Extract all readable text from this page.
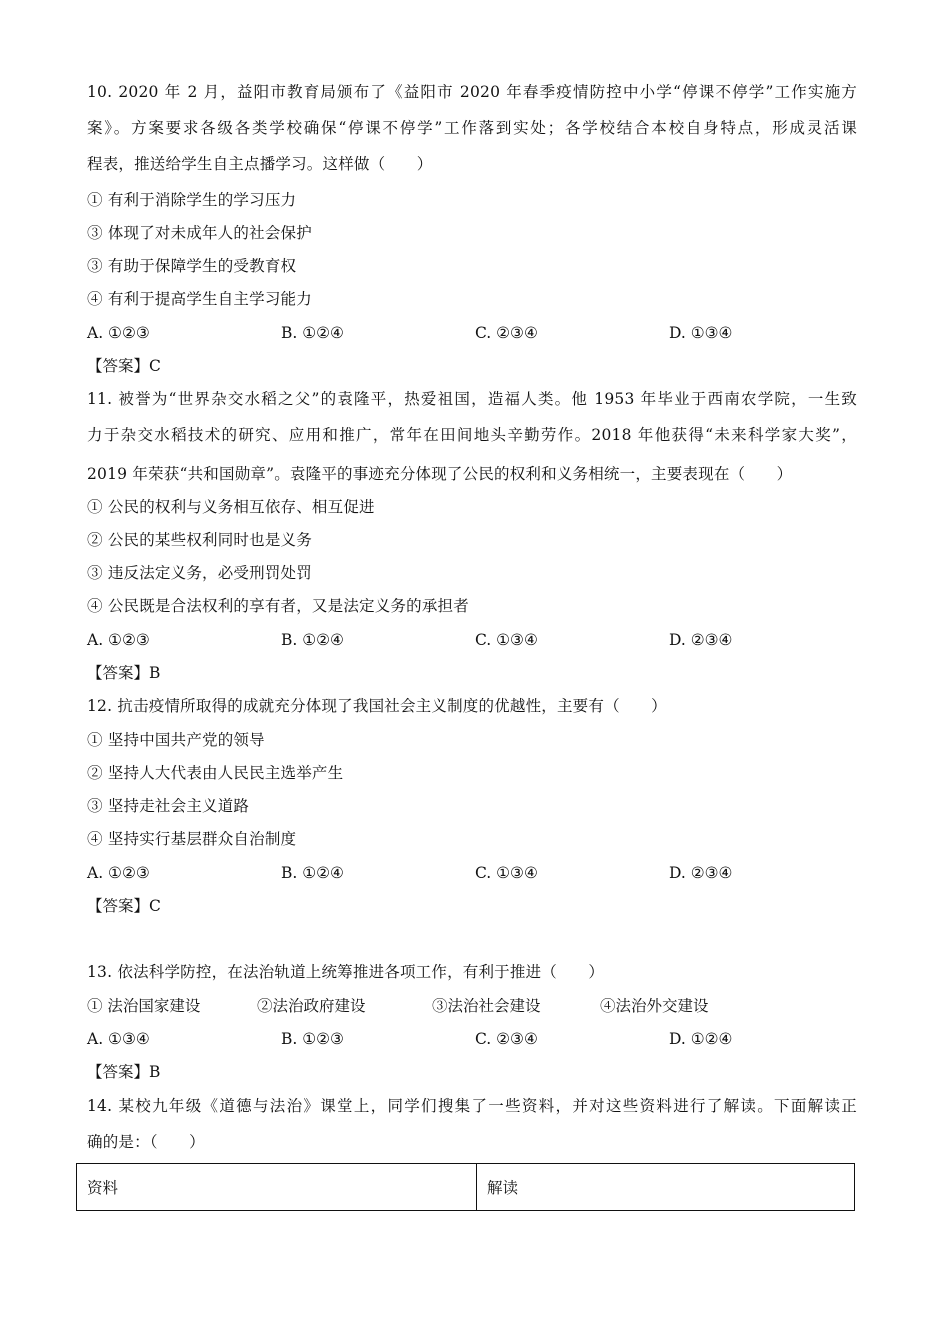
10. 2020 年 2 月，益阳市教育局颁布了《益阳市 2020 年春季疫情防控中小学“停课不停学”工作实施方
案》。方案要求各级各类学校确保“停课不停学”工作落到实处；各学校结合本校自身特点，形成灵活课
程表，推送给学生自主点播学习。这样做（　　）
① 有利于消除学生的学习压力
③ 体现了对未成年人的社会保护
③ 有助于保障学生的受教育权
④ 有利于提高学生自主学习能力
A. ①②③	B. ①②④	C. ②③④	D. ①③④
【答案】C
11. 被誉为“世界杂交水稻之父”的袁隆平，热爱祖国，造福人类。他 1953 年毕业于西南农学院，一生致
力于杂交水稻技术的研究、应用和推广，常年在田间地头辛勤劳作。2018 年他获得“未来科学家大奖”，
2019 年荣获“共和国勋章”。袁隆平的事迹充分体现了公民的权利和义务相统一，主要表现在（　　）
① 公民的权利与义务相互依存、相互促进
② 公民的某些权利同时也是义务
③ 违反法定义务，必受刑罚处罚
④ 公民既是合法权利的享有者，又是法定义务的承担者
A. ①②③	B. ①②④	C. ①③④	D. ②③④
【答案】B
12. 抗击疫情所取得的成就充分体现了我国社会主义制度的优越性，主要有（　　）
① 坚持中国共产党的领导
② 坚持人大代表由人民民主选举产生
③ 坚持走社会主义道路
④ 坚持实行基层群众自治制度
A. ①②③	B. ①②④	C. ①③④	D. ②③④
【答案】C
13. 依法科学防控，在法治轨道上统筹推进各项工作，有利于推进（　　）
① 法治国家建设	②法治政府建设	③法治社会建设	④法治外交建设
A. ①③④	B. ①②③	C. ②③④	D. ①②④
【答案】B
14. 某校九年级《道德与法治》课堂上，同学们搜集了一些资料，并对这些资料进行了解读。下面解读正
确的是：（　　）
资料	解读
